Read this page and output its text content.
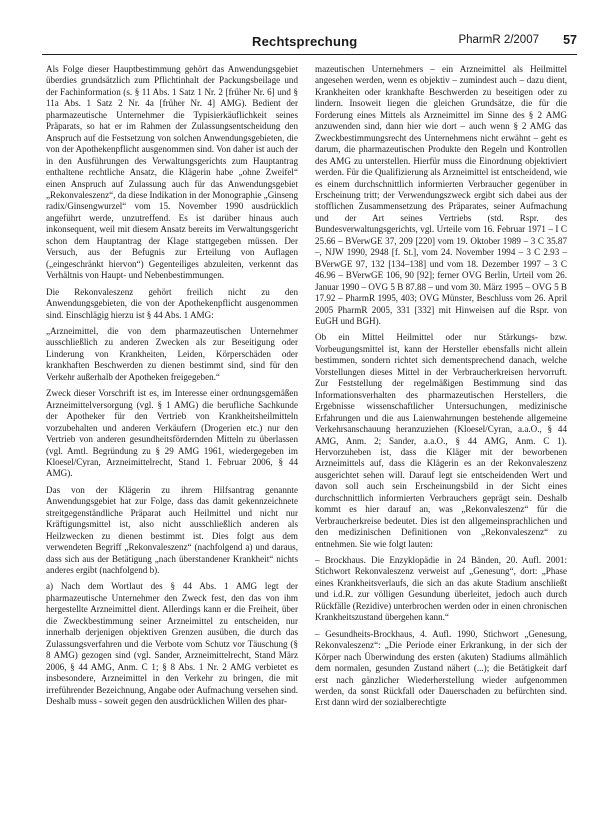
Rechtsprechung	PharmR 2/2007 57

Als Folge dieser Hauptbestimmung gehört das Anwendungsgebiet überdies grundsätzlich zum Pflichtinhalt der Packungsbeilage und der Fachinformation (s. § 11 Abs. 1 Satz 1 Nr. 2 [früher Nr. 6] und § 11a Abs. 1 Satz 2 Nr. 4a [früher Nr. 4] AMG). Bedient der pharmazeutische Unternehmer die Typisierkäuflichkeit seines Präparats, so hat er im Rahmen der Zulassungsentscheidung den Anspruch auf die Festsetzung von solchen Anwendungsgebieten, die von der Apothekenpflicht ausgenommen sind. Von daher ist auch der in den Ausführungen des Verwaltungsgerichts zum Hauptantrag enthaltene rechtliche Ansatz, die Klägerin habe „ohne Zweifel“ einen Anspruch auf Zulassung auch für das Anwendungsgebiet „Rekonvaleszenz“, da diese Indikation in der Monographie „Ginseng radix/Ginsengwurzel“ vom 15. November 1990 ausdrücklich angeführt werde, unzutreffend. Es ist darüber hinaus auch inkonsequent, weil mit diesem Ansatz bereits im Verwaltungsgericht schon dem Hauptantrag der Klage stattgegeben müssen. Der Versuch, aus der Befugnis zur Erteilung von Auflagen („eingeschränkt hiervon“) Gegenteiliges abzuleiten, verkennt das Verhältnis von Haupt- und Nebenbestimmungen.

Die Rekonvaleszenz gehört freilich nicht zu den Anwendungsgebieten, die von der Apothekenpflicht ausgenommen sind. Einschlägig hierzu ist § 44 Abs. 1 AMG:

„Arzneimittel, die von dem pharmazeutischen Unternehmer ausschließlich zu anderen Zwecken als zur Beseitigung oder Linderung von Krankheiten, Leiden, Körperschäden oder krankhaften Beschwerden zu dienen bestimmt sind, sind für den Verkehr außerhalb der Apotheken freigegeben.“

Zweck dieser Vorschrift ist es, im Interesse einer ordnungsgemäßen Arzneimittelversorgung (vgl. § 1 AMG) die berufliche Sachkunde der Apotheker für den Vertrieb von Krankheitsheilmitteln vorzubehalten und anderen Verkäufern (Drogerien etc.) nur den Vertrieb von anderen gesundheitsfördernden Mitteln zu überlassen (vgl. Amtl. Begründung zu § 29 AMG 1961, wiedergegeben im Kloesel/Cyran, Arzneimittelrecht, Stand 1. Februar 2006, § 44 AMG).

Das von der Klägerin zu ihrem Hilfsantrag genannte Anwendungsgebiet hat zur Folge, dass das damit gekennzeichnete streitgegenständliche Präparat auch Heilmittel und nicht nur Kräftigungsmittel ist, also nicht ausschließlich anderen als Heilzwecken zu dienen bestimmt ist. Dies folgt aus dem verwendeten Begriff „Rekonvaleszenz“ (nachfolgend a) und daraus, dass sich aus der Betätigung „nach überstandener Krankheit“ nichts anderes ergibt (nachfolgend b).

a) Nach dem Wortlaut des § 44 Abs. 1 AMG legt der pharmazeutische Unternehmer den Zweck fest, den das von ihm hergestellte Arzneimittel dient. Allerdings kann er die Freiheit, über die Zweckbestimmung seiner Arzneimittel zu entscheiden, nur innerhalb derjenigen objektiven Grenzen ausüben, die durch das Zulassungsverfahren und die Verbote vom Schutz vor Täuschung (§ 8 AMG) gezogen sind (vgl. Sander, Arzneimittelrecht, Stand März 2006, § 44 AMG, Anm. C 1; § 8 Abs. 1 Nr. 2 AMG verbietet es insbesondere, Arzneimittel in den Verkehr zu bringen, die mit irreführender Bezeichnung, Angabe oder Aufmachung versehen sind. Deshalb muss - soweit gegen den ausdrücklichen Willen des phar-

mazeutischen Unternehmers – ein Arzneimittel als Heilmittel angesehen werden, wenn es objektiv – zumindest auch – dazu dient, Krankheiten oder krankhafte Beschwerden zu beseitigen oder zu lindern. Insoweit liegen die gleichen Grundsätze, die für die Forderung eines Mittels als Arzneimittel im Sinne des § 2 AMG anzuwenden sind, dann hier wie dort – auch wenn § 2 AMG das Zweckbestimmungsrecht des Unternehmens nicht erwähnt – geht es darum, die pharmazeutischen Produkte den Regeln und Kontrollen des AMG zu unterstellen. Hierfür muss die Einordnung objektiviert werden. Für die Qualifizierung als Arzneimittel ist entscheidend, wie es einem durchschnittlich informierten Verbraucher gegenüber in Erscheinung tritt; der Verwendungszweck ergibt sich dabei aus der stofflichen Zusammensetzung des Präparates, seiner Aufmachung und der Art seines Vertriebs (std. Rspr. des Bundesverwaltungsgerichts, vgl. Urteile vom 16. Februar 1971 – I C 25.66 – BVerwGE 37, 209 [220] vom 19. Oktober 1989 – 3 C 35.87 –, NJW 1990, 2948 [f. St.], vom 24. November 1994 – 3 C 2.93 – BVerwGE 97, 132 [134–138] und vom 18. Dezember 1997 – 3 C 46.96 – BVerwGE 106, 90 [92]; ferner OVG Berlin, Urteil vom 26. Januar 1990 – OVG 5 B 87.88 – und vom 30. März 1995 – OVG 5 B 17.92 – PharmR 1995, 403; OVG Münster, Beschluss vom 26. April 2005 PharmR 2005, 331 [332] mit Hinweisen auf die Rspr. von EuGH und BGH).

Ob ein Mittel Heilmittel oder nur Stärkungs- bzw. Vorbeugungsmittel ist, kann der Hersteller ebensfalls nicht allein bestimmen, sondern richtet sich dementsprechend danach, welche Vorstellungen dieses Mittel in der Verbraucherkreisen hervorruft. Zur Feststellung der regelmäßigen Bestimmung sind das Informationsverhalten des pharmazeutischen Herstellers, die Ergebnisse wissenschaftlicher Untersuchungen, medizinische Erfahrungen und die aus Laienwahrnungen bestehende allgemeine Verkehrsanschauung heranzuziehen (Kloesel/Cyran, a.a.O., § 44 AMG, Anm. 2; Sander, a.a.O., § 44 AMG, Anm. C 1). Hervorzuheben ist, dass die Kläger mit der beworbenen Arzneimittels auf, dass die Klägerin es an der Rekonvaleszenz ausgerichtet sehen will. Darauf legt sie entscheidenden Wert und davon soll auch sein Erscheinungsbild in der Sicht eines durchschnittlich informierten Verbrauchers geprägt sein. Deshalb kommt es hier darauf an, was „Rekonvaleszenz“ für die Verbraucherkreise bedeutet. Dies ist den allgemeinsprachlichen und den medizinischen Definitionen von „Rekonvaleszenz“ zu entnehmen. Sie wie folgt lauten:

– Brockhaus. Die Enzyklopädie in 24 Bänden, 20. Aufl. 2001: Stichwort Rekonvaleszenz verweist auf „Genesung“, dort: „Phase eines Krankheitsverlaufs, die sich an das akute Stadium anschließt und i.d.R. zur völligen Gesundung überleitet, jedoch auch durch Rückfälle (Rezidive) unterbrochen werden oder in einen chronischen Krankheitszustand übergehen kann.“

– Gesundheits-Brockhaus, 4. Aufl. 1990, Stichwort „Genesung, Rekonvaleszenz“: „Die Periode einer Erkrankung, in der sich der Körper nach Überwindung des ersten (akuten) Stadiums allmählich dem normalen, gesunden Zustand nähert (...); die Betätigkeit darf erst nach gänzlicher Wiederherstellung wieder aufgenommen werden, da sonst Rückfall oder Dauerschaden zu befürchten sind. Erst dann wird der sozialberechtigte
